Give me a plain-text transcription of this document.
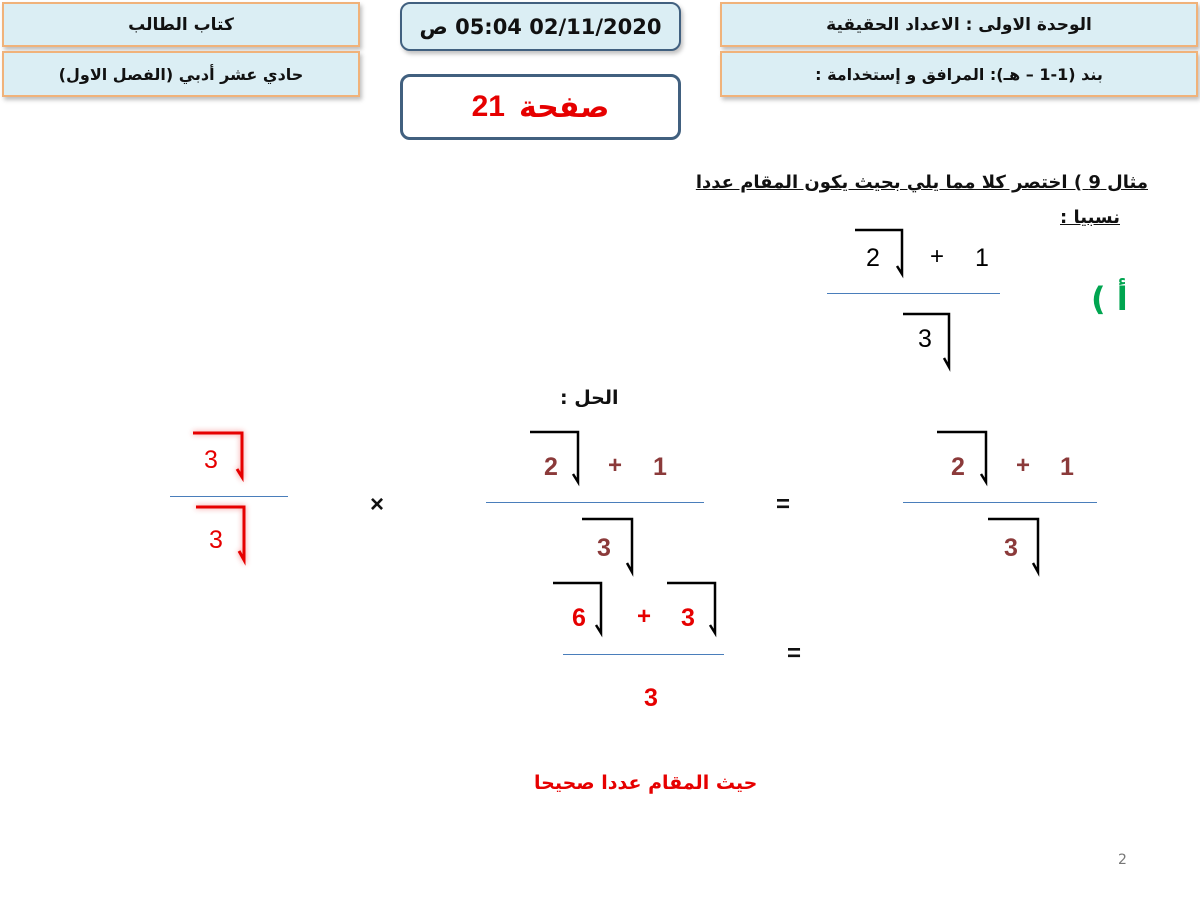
كتاب الطالب
حادي عشر أدبي (الفصل الاول)
الوحدة الاولى : الاعداد الحقيقية
بند (1-1 – هـ): المرافق و إستخدامة :
02/11/2020 05:04 ص
صفحة
21
مثال 9 ) اختصر كلا مما يلي بحيث يكون المقام عددا
نسبيا :
أ )
2 + 1
3
الحل :
2 + 1
3
=
2 + 1
3
×
3
3
6 + 3
3
=
حيث المقام عددا صحيحا
2
